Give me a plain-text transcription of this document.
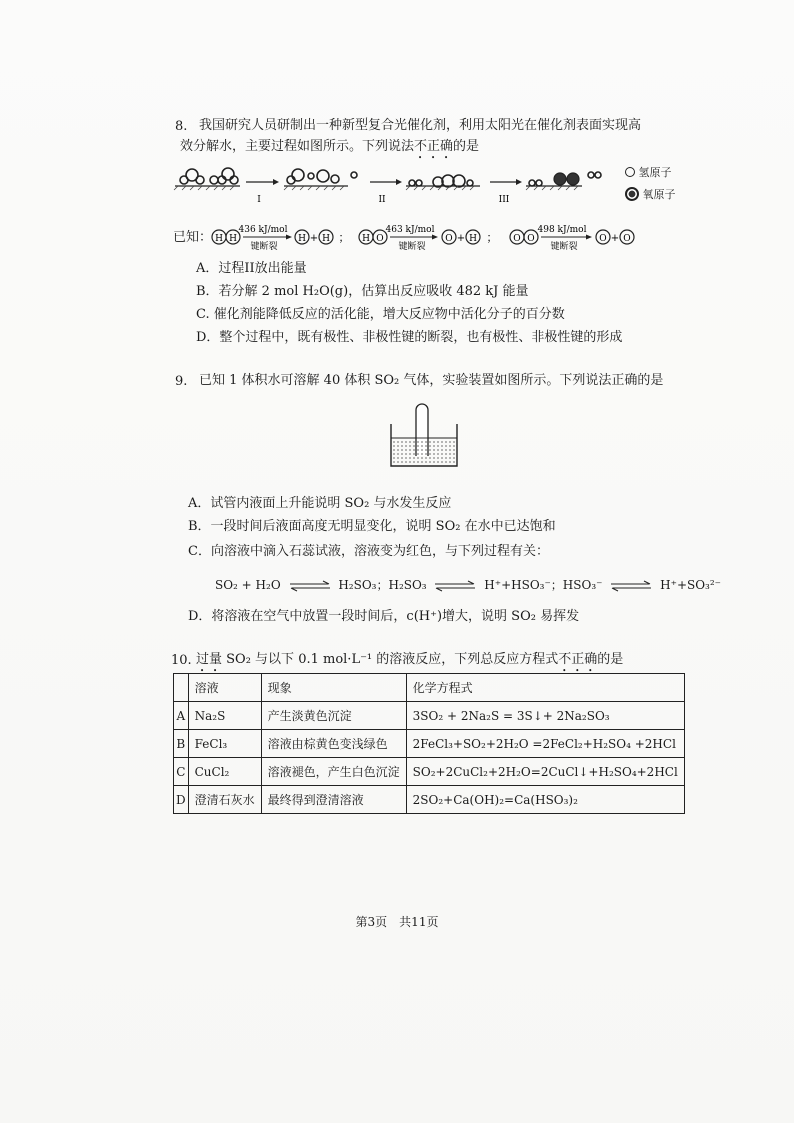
8. 我国研究人员研制出一种新型复合光催化剂，利用太阳光在催化剂表面实现高
效分解水，主要过程如图所示。下列说法不正确的是
I	II	III
氢原子
氧原子
已知： H H
436 kJ/mol
键断裂
H + H ； H O
463 kJ/mol
键断裂
O + H ； O O
498 kJ/mol
键断裂
O + O
A．过程II放出能量
B．若分解 2 mol H₂O(g)，估算出反应吸收 482 kJ 能量
C. 催化剂能降低反应的活化能，增大反应物中活化分子的百分数
D．整个过程中，既有极性、非极性键的断裂，也有极性、非极性键的形成
9. 已知 1 体积水可溶解 40 体积 SO₂ 气体，实验装置如图所示。下列说法正确的是
A．试管内液面上升能说明 SO₂ 与水发生反应
B．一段时间后液面高度无明显变化，说明 SO₂ 在水中已达饱和
C．向溶液中滴入石蕊试液，溶液变为红色，与下列过程有关：
SO₂ + H₂O ⇌ H₂SO₃；H₂SO₃ ⇌ H⁺+HSO₃⁻；HSO₃⁻ ⇌ H⁺+SO₃²⁻
D．将溶液在空气中放置一段时间后，c(H⁺)增大，说明 SO₂ 易挥发
10. 过量 SO₂ 与以下 0.1 mol·L⁻¹ 的溶液反应，下列总反应方程式不正确的是
	溶液	现象	化学方程式
A	Na₂S	产生淡黄色沉淀	3SO₂ + 2Na₂S = 3S↓+ 2Na₂SO₃
B	FeCl₃	溶液由棕黄色变浅绿色	2FeCl₃+SO₂+2H₂O =2FeCl₂+H₂SO₄ +2HCl
C	CuCl₂	溶液褪色，产生白色沉淀	SO₂+2CuCl₂+2H₂O=2CuCl↓+H₂SO₄+2HCl
D	澄清石灰水	最终得到澄清溶液	2SO₂+Ca(OH)₂=Ca(HSO₃)₂
第3页　共11页
